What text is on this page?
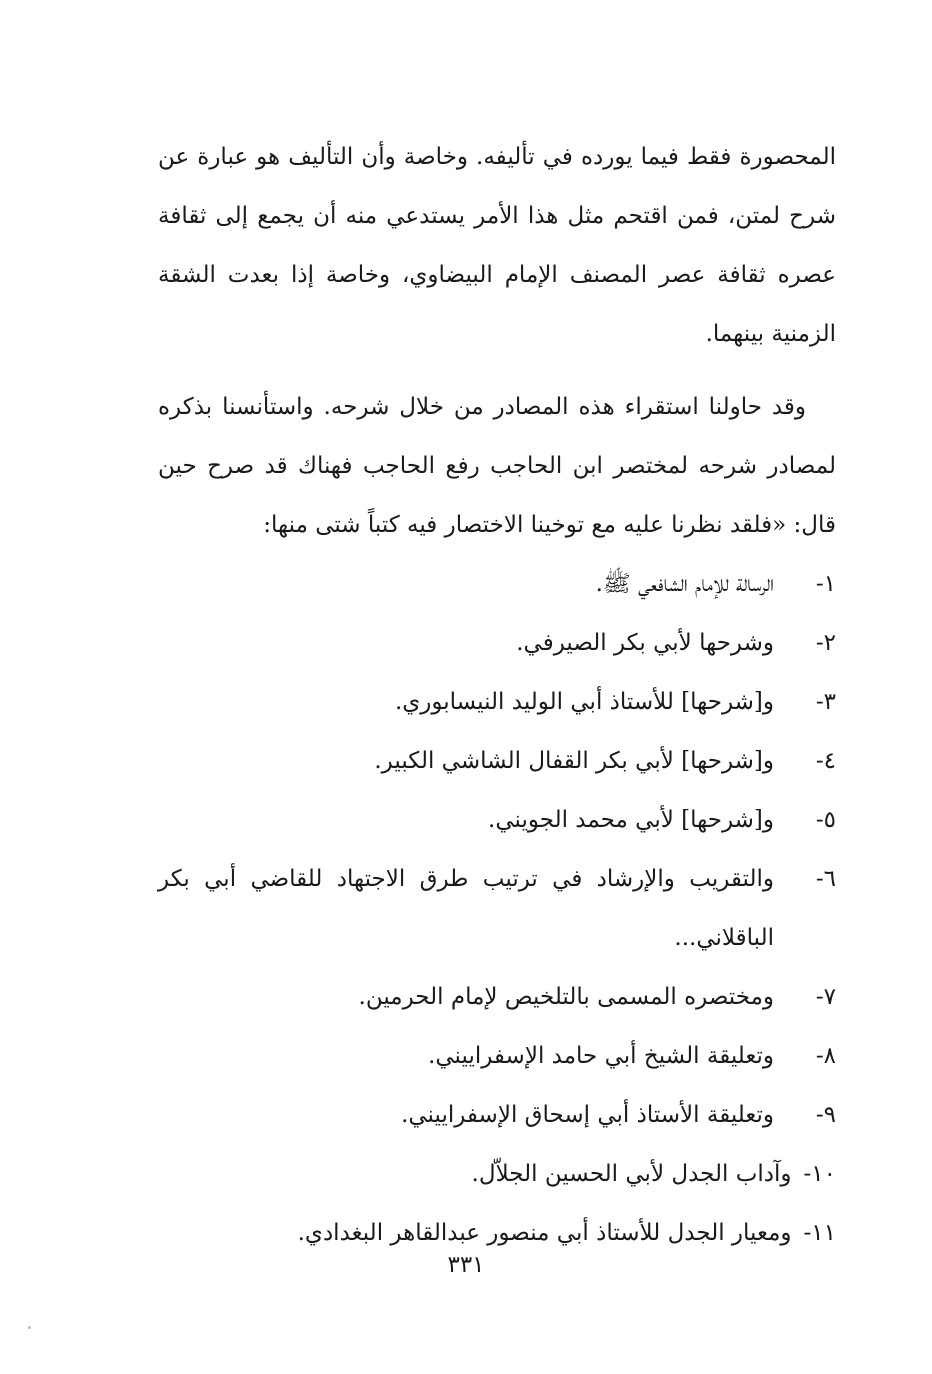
المحصورة فقط فيما يورده في تأليفه. وخاصة وأن التأليف هو عبارة عن شرح لمتن، فمن اقتحم مثل هذا الأمر يستدعي منه أن يجمع إلى ثقافة عصره ثقافة عصر المصنف الإمام البيضاوي، وخاصة إذا بعدت الشقة الزمنية بينهما.

وقد حاولنا استقراء هذه المصادر من خلال شرحه. واستأنسنا بذكره لمصادر شرحه لمختصر ابن الحاجب رفع الحاجب فهناك قد صرح حين قال: «فلقد نظرنا عليه مع توخينا الاختصار فيه كتباً شتى منها:

١-
الرسالة للإمام الشافعي ﷺ.
٢-
وشرحها لأبي بكر الصيرفي.
٣-
و[شرحها] للأستاذ أبي الوليد النيسابوري.
٤-
و[شرحها] لأبي بكر القفال الشاشي الكبير.
٥-
و[شرحها] لأبي محمد الجويني.
٦-
والتقريب والإرشاد في ترتيب طرق الاجتهاد للقاضي أبي بكر الباقلاني...
٧-
ومختصره المسمى بالتلخيص لإمام الحرمين.
٨-
وتعليقة الشيخ أبي حامد الإسفراييني.
٩-
وتعليقة الأستاذ أبي إسحاق الإسفراييني.
١٠-
وآداب الجدل لأبي الحسين الجلاّل.
١١-
ومعيار الجدل للأستاذ أبي منصور عبدالقاهر البغدادي.
٣٣١
